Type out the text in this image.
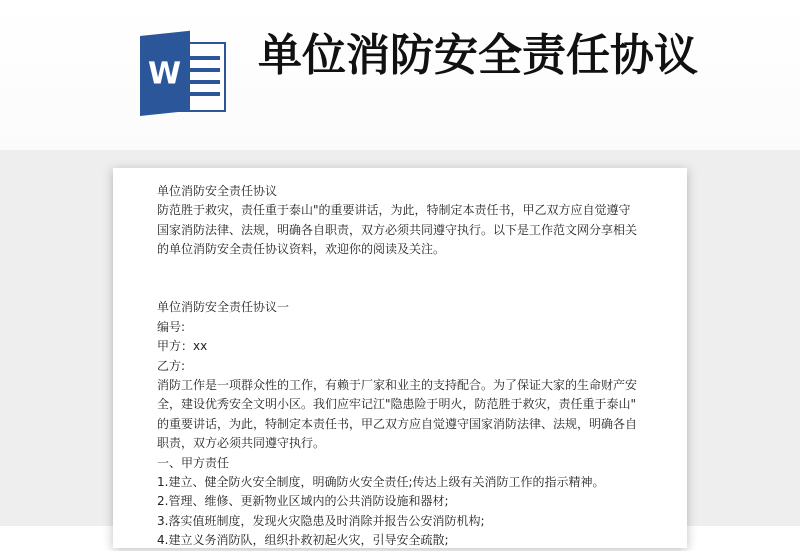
W 单位消防安全责任协议

单位消防安全责任协议

防范胜于救灾，责任重于泰山"的重要讲话，为此，特制定本责任书，甲乙双方应自觉遵守

国家消防法律、法规，明确各自职责，双方必须共同遵守执行。以下是工作范文网分享相关

的单位消防安全责任协议资料，欢迎你的阅读及关注。

单位消防安全责任协议一

编号:

甲方：xx

乙方:

消防工作是一项群众性的工作，有赖于厂家和业主的支持配合。为了保证大家的生命财产安

全，建设优秀安全文明小区。我们应牢记江"隐患险于明火，防范胜于救灾，责任重于泰山"

的重要讲话，为此，特制定本责任书，甲乙双方应自觉遵守国家消防法律、法规，明确各自

职责，双方必须共同遵守执行。

一、甲方责任

1.建立、健全防火安全制度，明确防火安全责任;传达上级有关消防工作的指示精神。

2.管理、维修、更新物业区域内的公共消防设施和器材;

3.落实值班制度，发现火灾隐患及时消除并报告公安消防机构;

4.建立义务消防队，组织扑救初起火灾，引导安全疏散;
